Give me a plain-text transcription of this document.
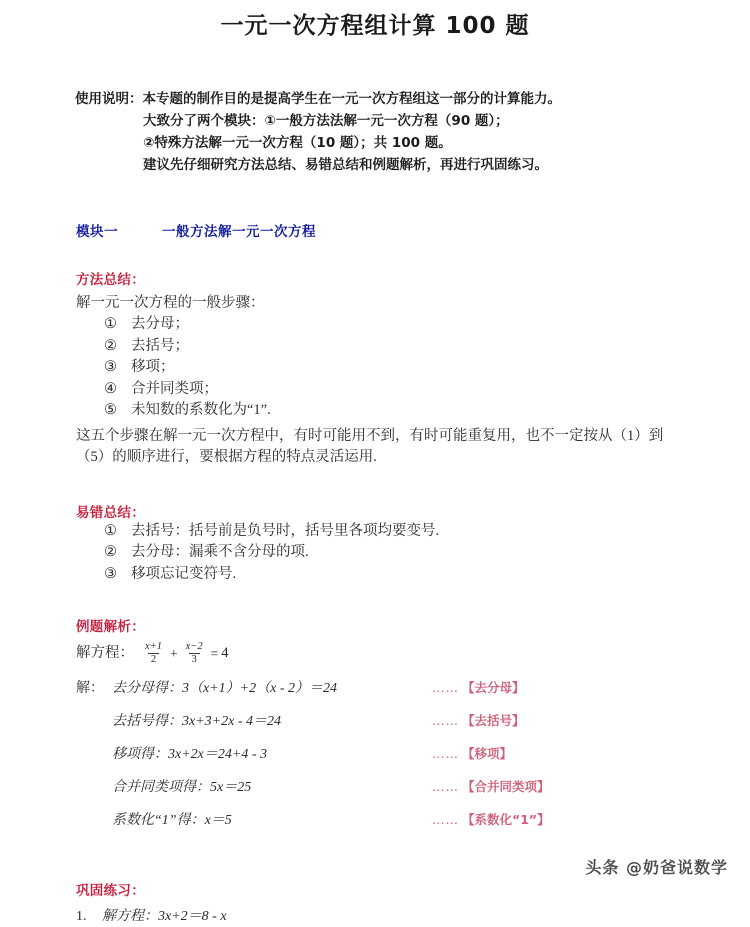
一元一次方程组计算 100 题
使用说明：本专题的制作目的是提高学生在一元一次方程组这一部分的计算能力。
大致分了两个模块：①一般方法法解一元一次方程（90 题）；
②特殊方法解一元一次方程（10 题）；共 100 题。
建议先仔细研究方法总结、易错总结和例题解析，再进行巩固练习。
模块一	一般方法解一元一次方程
方法总结：
解一元一次方程的一般步骤：
① 去分母；
② 去括号；
③ 移项；
④ 合并同类项；
⑤ 未知数的系数化为“1”.
这五个步骤在解一元一次方程中，有时可能用不到，有时可能重复用，也不一定按从（1）到（5）的顺序进行，要根据方程的特点灵活运用.
易错总结：
① 去括号：括号前是负号时，括号里各项均要变号.
② 去分母：漏乘不含分母的项.
③ 移项忘记变符号.
例题解析：
解方程： $\frac{x+1}{2} + \frac{x-2}{3} = 4$
解： 去分母得：3（x+1）+2（x - 2）＝24	…… 【去分母】
去括号得：3x+3+2x - 4＝24	…… 【去括号】
移项得：3x+2x＝24+4 - 3	…… 【移项】
合并同类项得：5x＝25	…… 【合并同类项】
系数化“1”得：x＝5	…… 【系数化“1”】
巩固练习：
1. 解方程：3x+2＝8 - x
头条 @奶爸说数学
